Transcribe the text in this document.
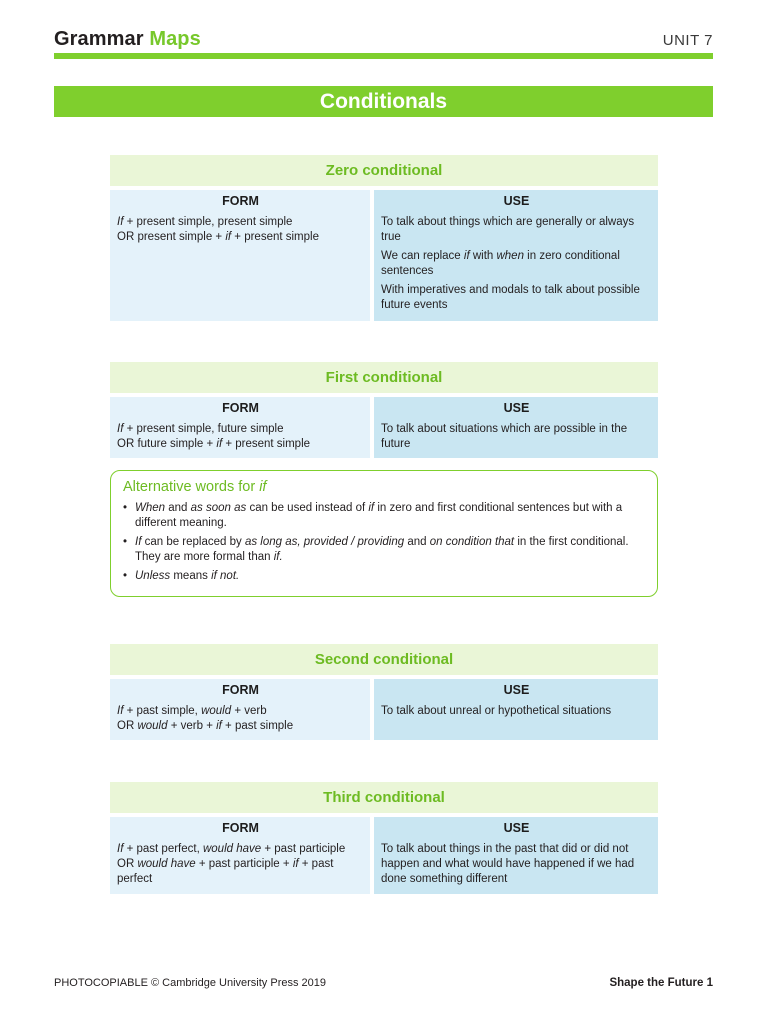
Grammar Maps	UNIT 7
Conditionals
Zero conditional
FORM
If + present simple, present simple
OR present simple + if + present simple
USE

To talk about things which are generally or always true

We can replace if with when in zero conditional sentences

With imperatives and modals to talk about possible future events

First conditional
FORM
If + present simple, future simple
OR future simple + if + present simple
USE

To talk about situations which are possible in the future

Alternative words for if
• When and as soon as can be used instead of if in zero and first conditional sentences but with a different meaning.
• If can be replaced by as long as, provided / providing and on condition that in the first conditional. They are more formal than if.
• Unless means if not.
Second conditional
FORM
If + past simple, would + verb
OR would + verb + if + past simple
USE

To talk about unreal or hypothetical situations

Third conditional
FORM
If + past perfect, would have + past participle OR would have + past participle + if + past perfect
USE

To talk about things in the past that did or did not happen and what would have happened if we had done something different

PHOTOCOPIABLE © Cambridge University Press 2019	Shape the Future 1
